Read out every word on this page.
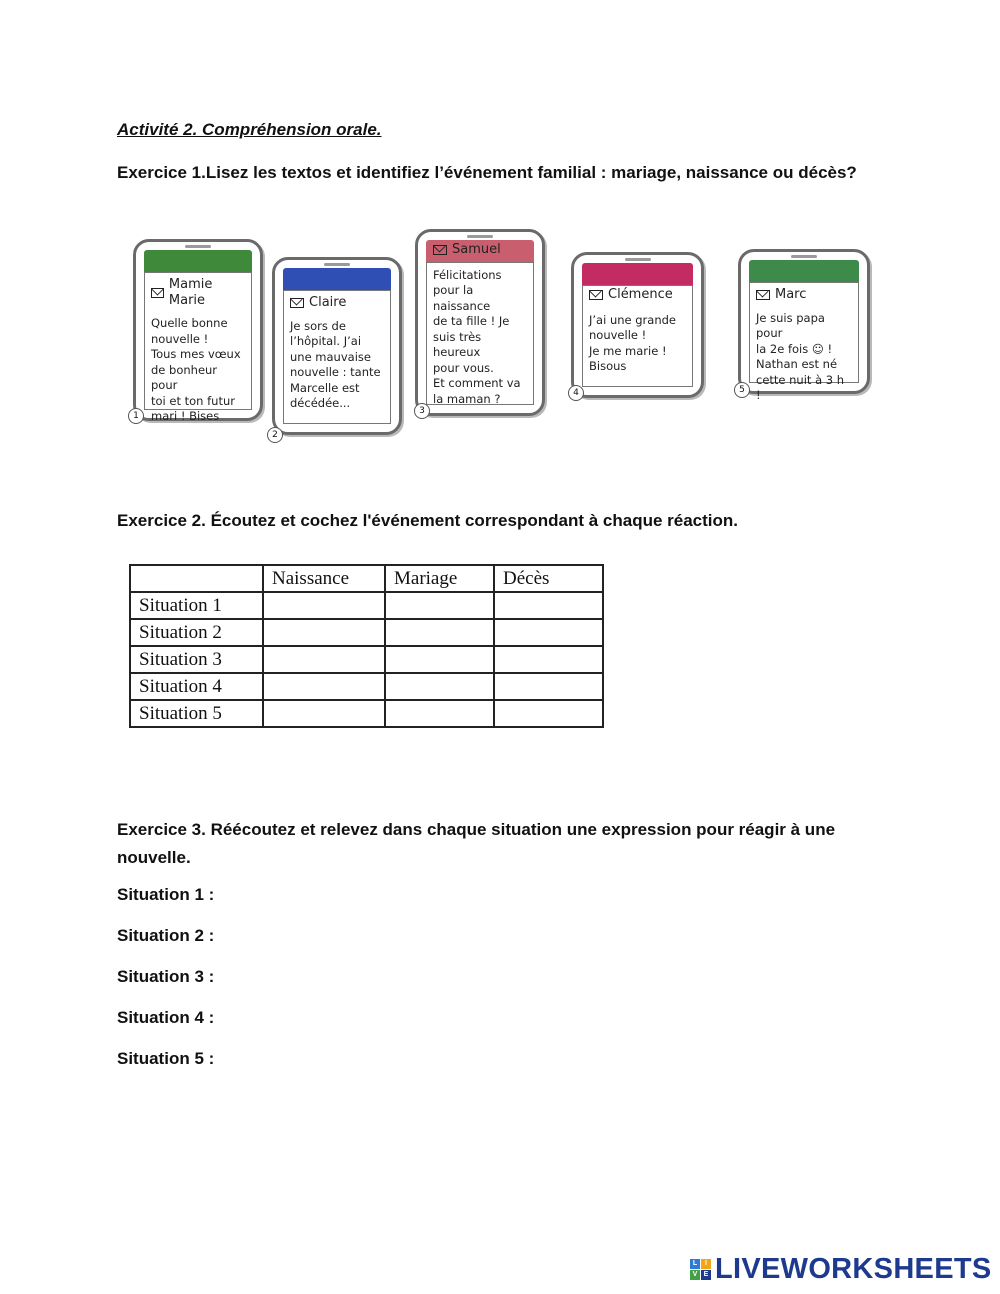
Activité 2. Compréhension orale.
Exercice 1.Lisez les textos et identifiez l’événement familial : mariage, naissance ou décès?
Mamie Marie
Quelle bonne
nouvelle !
Tous mes vœux
de bonheur pour
toi et ton futur
mari ! Bises
1
Claire
Je sors de
l’hôpital. J’ai
une mauvaise
nouvelle : tante
Marcelle est
décédée...
2
Samuel
Félicitations
pour la naissance
de ta fille ! Je
suis très heureux
pour vous.
Et comment va
la maman ?
3
Clémence
J’ai une grande
nouvelle !
Je me marie !
Bisous
4
Marc
Je suis papa pour
la 2e fois ☺ !
Nathan est né
cette nuit à 3 h !
5
Exercice 2. Écoutez et cochez l'événement correspondant à chaque réaction.
	Naissance	Mariage	Décès
Situation 1			
Situation 2			
Situation 3			
Situation 4			
Situation 5			
Exercice 3. Réécoutez et relevez dans chaque situation une expression pour réagir à une nouvelle.
Situation 1 :
Situation 2 :
Situation 3 :
Situation 4 :
Situation 5 :
L	I
V E LIVEWORKSHEETS
